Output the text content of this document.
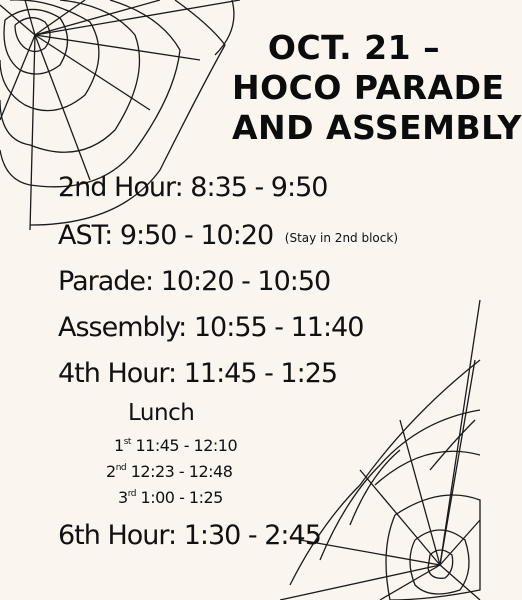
OCT. 21 –
HOCO PARADE
AND ASSEMBLY
2nd Hour: 8:35 - 9:50
AST: 9:50 - 10:20 (Stay in 2nd block)
Parade: 10:20 - 10:50
Assembly: 10:55 - 11:40
4th Hour: 11:45 - 1:25
Lunch
1st 11:45 - 12:10
2nd 12:23 - 12:48
3rd 1:00 - 1:25
6th Hour: 1:30 - 2:45
